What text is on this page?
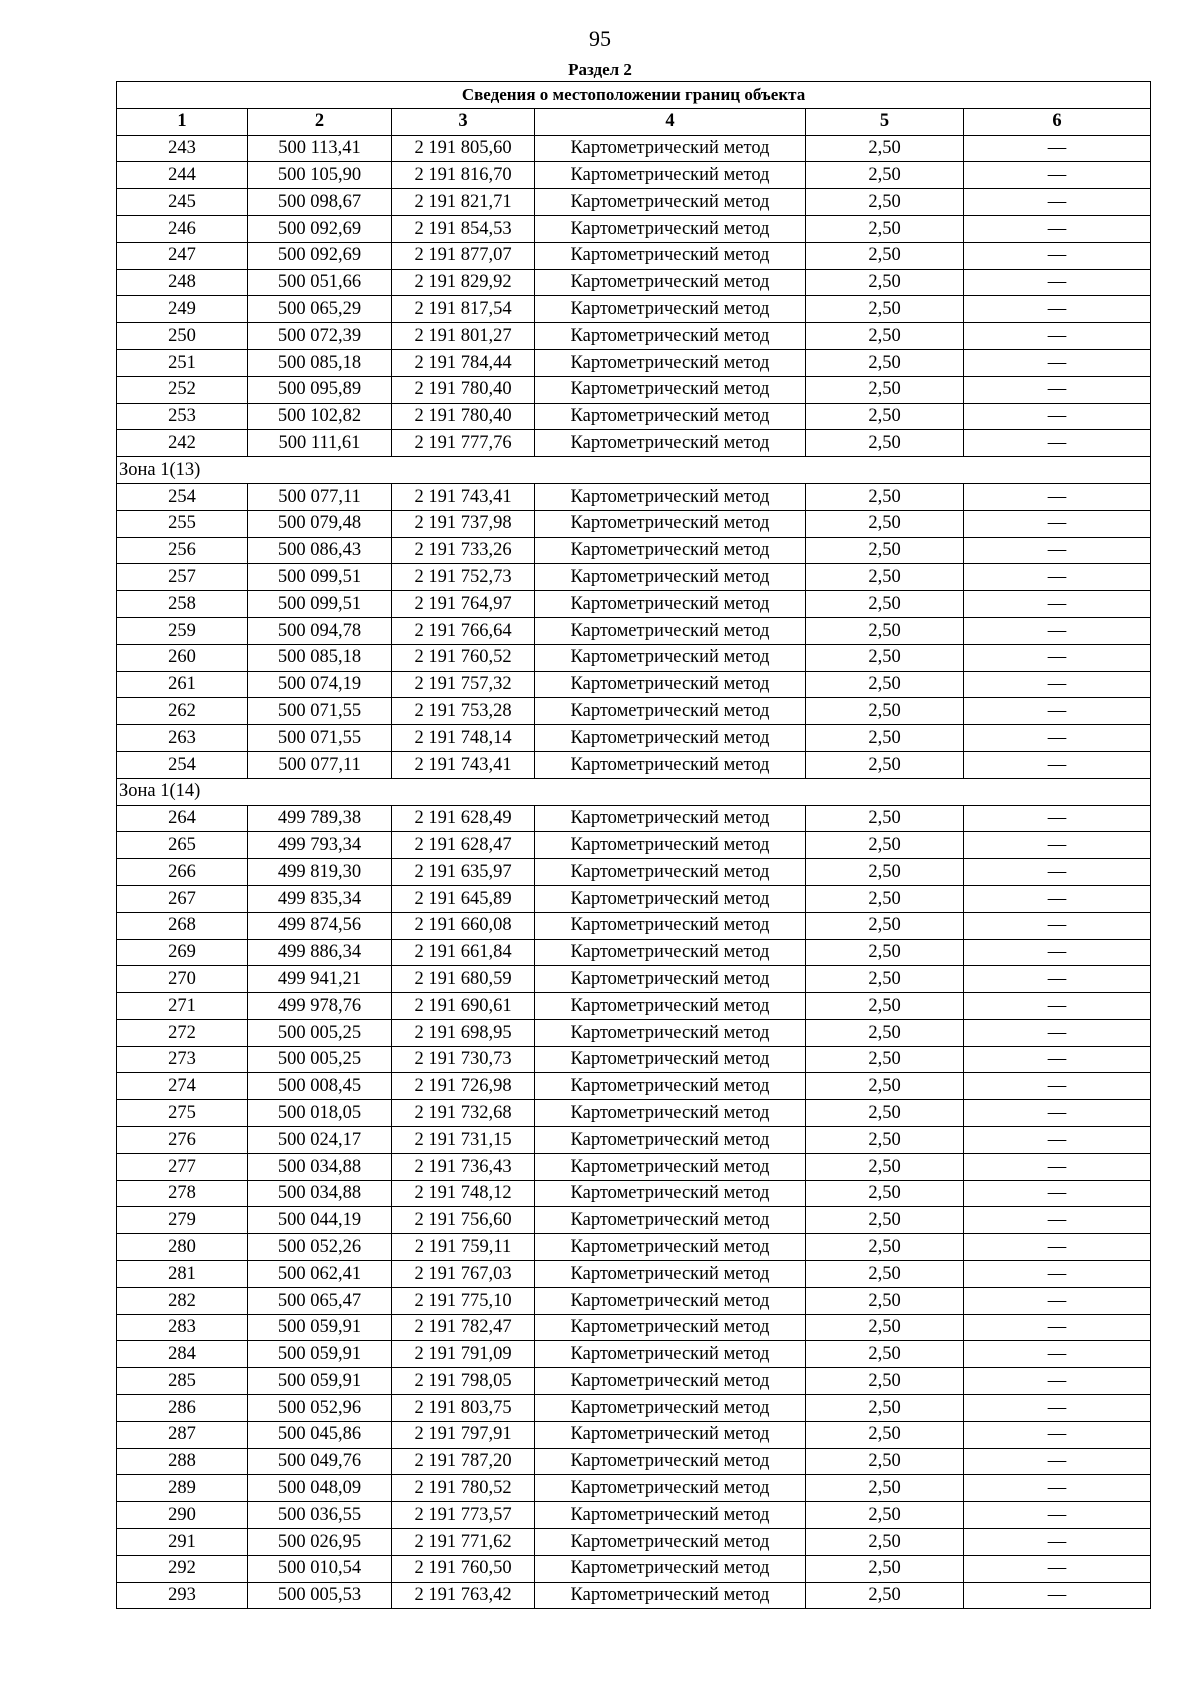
95
Раздел 2
Сведения о местоположении границ объекта					
1	2	3	4	5	6
243	500 113,41	2 191 805,60	Картометрический метод	2,50	—
244	500 105,90	2 191 816,70	Картометрический метод	2,50	—
245	500 098,67	2 191 821,71	Картометрический метод	2,50	—
246	500 092,69	2 191 854,53	Картометрический метод	2,50	—
247	500 092,69	2 191 877,07	Картометрический метод	2,50	—
248	500 051,66	2 191 829,92	Картометрический метод	2,50	—
249	500 065,29	2 191 817,54	Картометрический метод	2,50	—
250	500 072,39	2 191 801,27	Картометрический метод	2,50	—
251	500 085,18	2 191 784,44	Картометрический метод	2,50	—
252	500 095,89	2 191 780,40	Картометрический метод	2,50	—
253	500 102,82	2 191 780,40	Картометрический метод	2,50	—
242	500 111,61	2 191 777,76	Картометрический метод	2,50	—
Зона 1(13)					
254	500 077,11	2 191 743,41	Картометрический метод	2,50	—
255	500 079,48	2 191 737,98	Картометрический метод	2,50	—
256	500 086,43	2 191 733,26	Картометрический метод	2,50	—
257	500 099,51	2 191 752,73	Картометрический метод	2,50	—
258	500 099,51	2 191 764,97	Картометрический метод	2,50	—
259	500 094,78	2 191 766,64	Картометрический метод	2,50	—
260	500 085,18	2 191 760,52	Картометрический метод	2,50	—
261	500 074,19	2 191 757,32	Картометрический метод	2,50	—
262	500 071,55	2 191 753,28	Картометрический метод	2,50	—
263	500 071,55	2 191 748,14	Картометрический метод	2,50	—
254	500 077,11	2 191 743,41	Картометрический метод	2,50	—
Зона 1(14)					
264	499 789,38	2 191 628,49	Картометрический метод	2,50	—
265	499 793,34	2 191 628,47	Картометрический метод	2,50	—
266	499 819,30	2 191 635,97	Картометрический метод	2,50	—
267	499 835,34	2 191 645,89	Картометрический метод	2,50	—
268	499 874,56	2 191 660,08	Картометрический метод	2,50	—
269	499 886,34	2 191 661,84	Картометрический метод	2,50	—
270	499 941,21	2 191 680,59	Картометрический метод	2,50	—
271	499 978,76	2 191 690,61	Картометрический метод	2,50	—
272	500 005,25	2 191 698,95	Картометрический метод	2,50	—
273	500 005,25	2 191 730,73	Картометрический метод	2,50	—
274	500 008,45	2 191 726,98	Картометрический метод	2,50	—
275	500 018,05	2 191 732,68	Картометрический метод	2,50	—
276	500 024,17	2 191 731,15	Картометрический метод	2,50	—
277	500 034,88	2 191 736,43	Картометрический метод	2,50	—
278	500 034,88	2 191 748,12	Картометрический метод	2,50	—
279	500 044,19	2 191 756,60	Картометрический метод	2,50	—
280	500 052,26	2 191 759,11	Картометрический метод	2,50	—
281	500 062,41	2 191 767,03	Картометрический метод	2,50	—
282	500 065,47	2 191 775,10	Картометрический метод	2,50	—
283	500 059,91	2 191 782,47	Картометрический метод	2,50	—
284	500 059,91	2 191 791,09	Картометрический метод	2,50	—
285	500 059,91	2 191 798,05	Картометрический метод	2,50	—
286	500 052,96	2 191 803,75	Картометрический метод	2,50	—
287	500 045,86	2 191 797,91	Картометрический метод	2,50	—
288	500 049,76	2 191 787,20	Картометрический метод	2,50	—
289	500 048,09	2 191 780,52	Картометрический метод	2,50	—
290	500 036,55	2 191 773,57	Картометрический метод	2,50	—
291	500 026,95	2 191 771,62	Картометрический метод	2,50	—
292	500 010,54	2 191 760,50	Картометрический метод	2,50	—
293	500 005,53	2 191 763,42	Картометрический метод	2,50	—
